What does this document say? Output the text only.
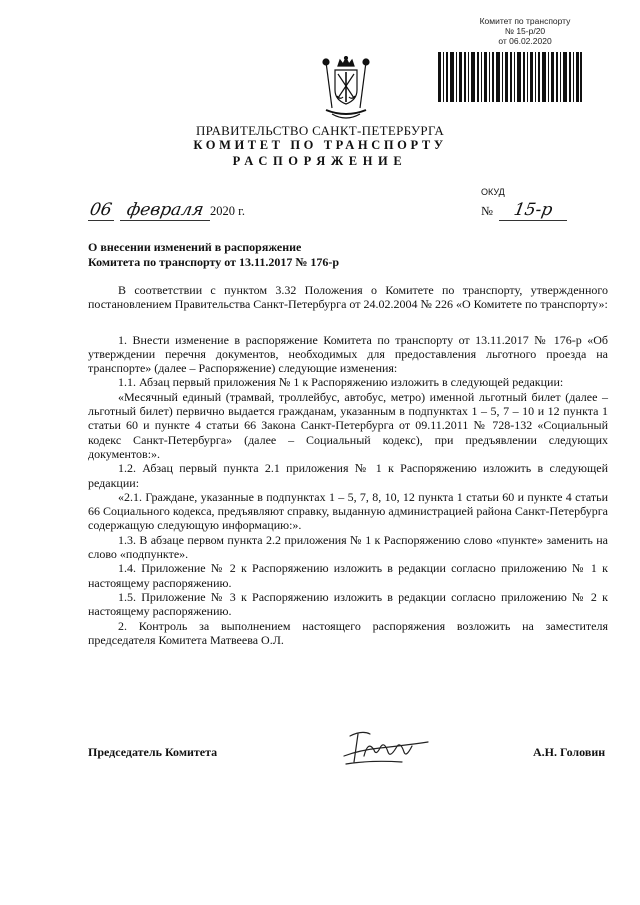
Комитет по транспорту
№ 15-р/20
от 06.02.2020
ПРАВИТЕЛЬСТВО САНКТ-ПЕТЕРБУРГА
КОМИТЕТ ПО ТРАНСПОРТУ
РАСПОРЯЖЕНИЕ
ОКУД
06 февраля 2020 г.	№ 15-р
О внесении изменений в распоряжение
Комитета по транспорту от 13.11.2017 № 176-р

В соответствии с пунктом 3.32 Положения о Комитете по транспорту, утвержденного постановлением Правительства Санкт-Петербурга от 24.02.2004 № 226 «О Комитете по транспорту»:

1. Внести изменение в распоряжение Комитета по транспорту от 13.11.2017 № 176-р «Об утверждении перечня документов, необходимых для предоставления льготного проезда на транспорте» (далее – Распоряжение) следующие изменения:

1.1. Абзац первый приложения № 1 к Распоряжению изложить в следующей редакции:

«Месячный единый (трамвай, троллейбус, автобус, метро) именной льготный билет (далее – льготный билет) первично выдается гражданам, указанным в подпунктах 1 – 5, 7 – 10 и 12 пункта 1 статьи 60 и пункте 4 статьи 66 Закона Санкт-Петербурга от 09.11.2011 № 728-132 «Социальный кодекс Санкт-Петербурга» (далее – Социальный кодекс), при предъявлении следующих документов:».

1.2. Абзац первый пункта 2.1 приложения № 1 к Распоряжению изложить в следующей редакции:

«2.1. Граждане, указанные в подпунктах 1 – 5, 7, 8, 10, 12 пункта 1 статьи 60 и пункте 4 статьи 66 Социального кодекса, предъявляют справку, выданную администрацией района Санкт-Петербурга содержащую следующую информацию:».

1.3. В абзаце первом пункта 2.2 приложения № 1 к Распоряжению слово «пункте» заменить на слово «подпункте».

1.4. Приложение № 2 к Распоряжению изложить в редакции согласно приложению № 1 к настоящему распоряжению.

1.5. Приложение № 3 к Распоряжению изложить в редакции согласно приложению № 2 к настоящему распоряжению.

2. Контроль за выполнением настоящего распоряжения возложить на заместителя председателя Комитета Матвеева О.Л.

Председатель Комитета	А.Н. Головин
